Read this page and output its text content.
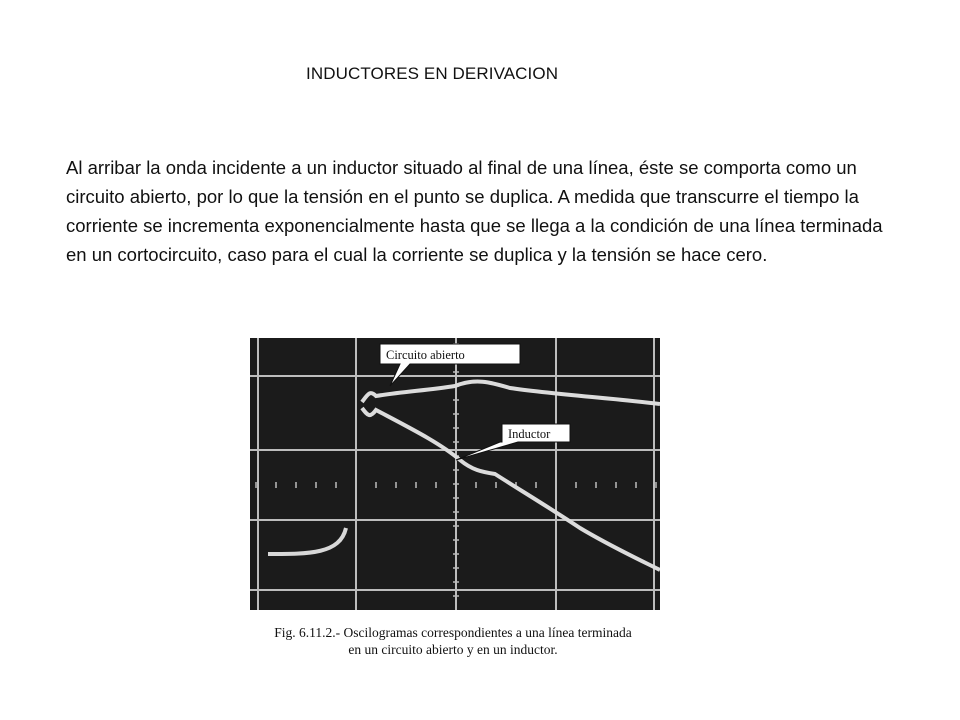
INDUCTORES EN DERIVACION

Al arribar la onda incidente a un inductor situado al final de una línea, éste se comporta como un circuito abierto, por lo que la tensión en el punto se duplica. A medida que transcurre el tiempo la corriente se incrementa exponencialmente hasta que se llega a la condición de una línea terminada en un cortocircuito, caso para el cual la corriente se duplica y la tensión se hace cero.

Circuito abierto
Inductor
Fig. 6.11.2.- Oscilogramas correspondientes a una línea terminada
en un circuito abierto y en un inductor.
